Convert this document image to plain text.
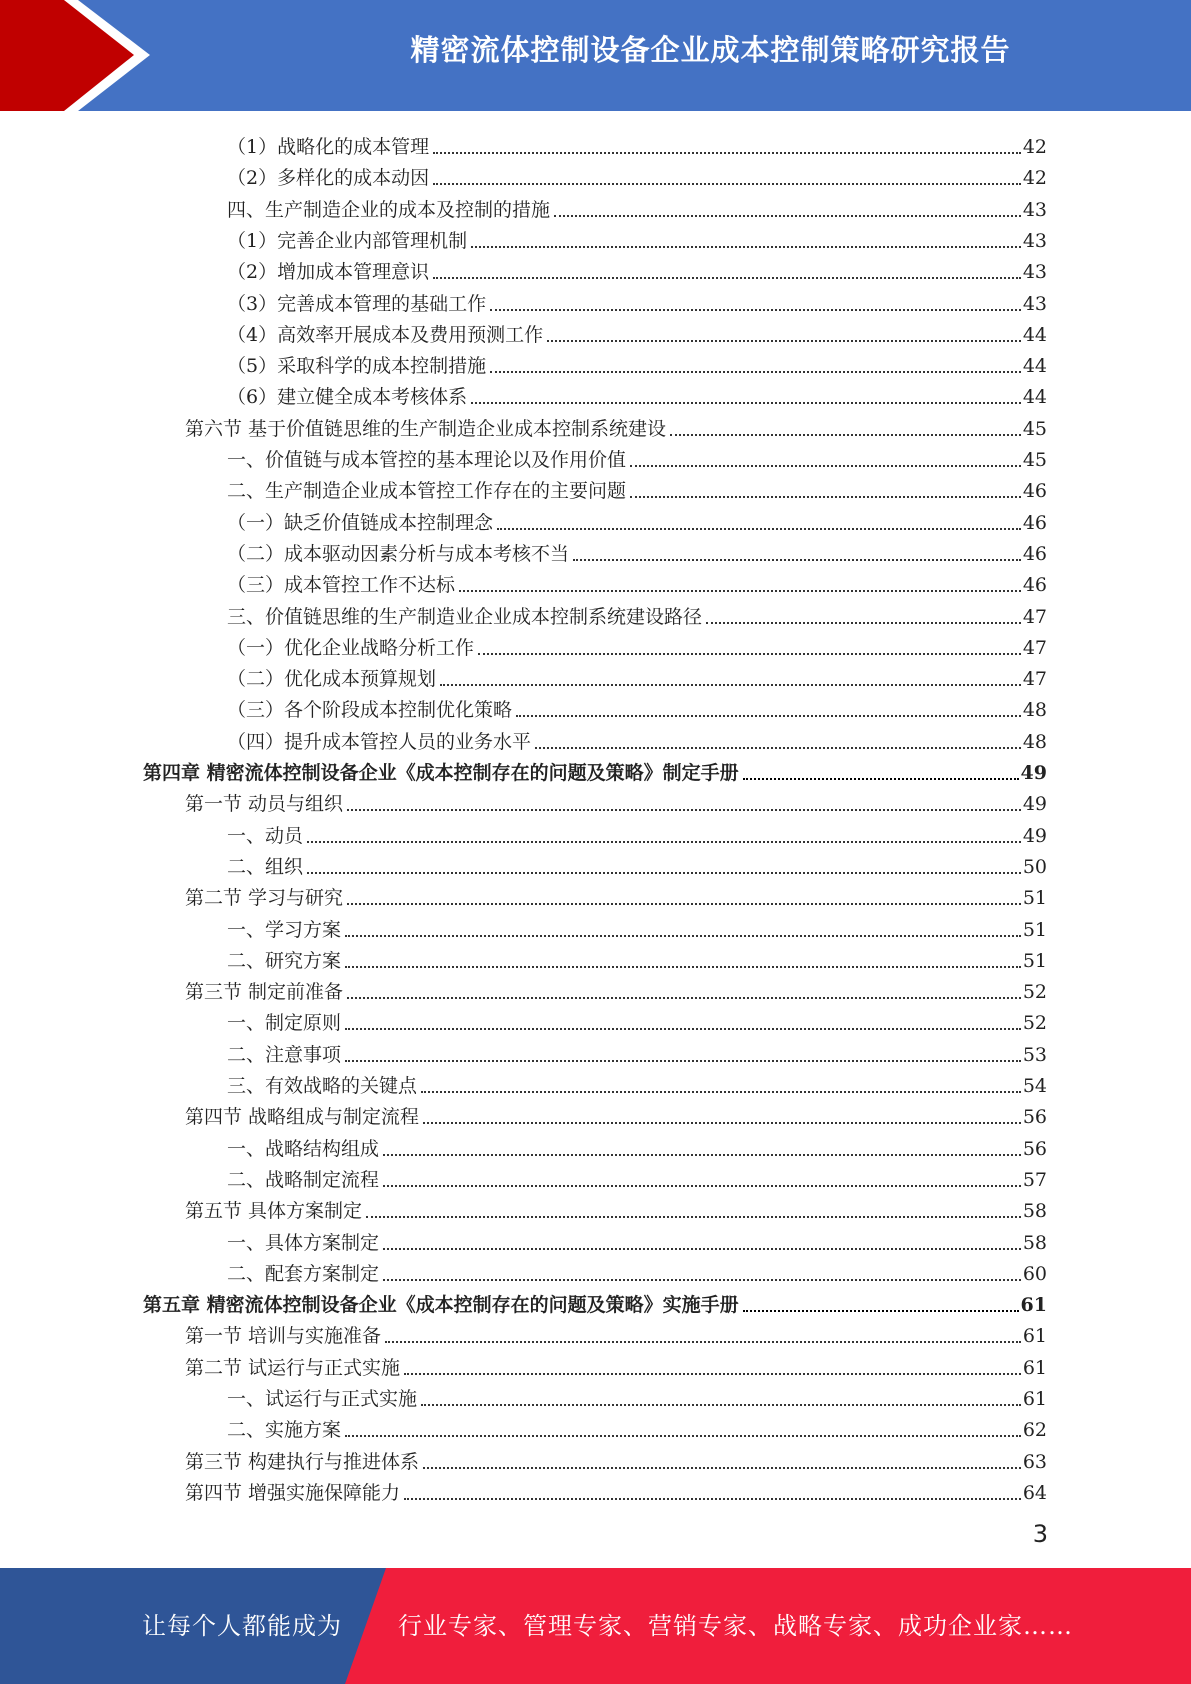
精密流体控制设备企业成本控制策略研究报告
（1）战略化的成本管理	42
（2）多样化的成本动因	42
四、生产制造企业的成本及控制的措施	43
（1）完善企业内部管理机制	43
（2）增加成本管理意识	43
（3）完善成本管理的基础工作	43
（4）高效率开展成本及费用预测工作	44
（5）采取科学的成本控制措施	44
（6）建立健全成本考核体系	44
第六节 基于价值链思维的生产制造企业成本控制系统建设	45
一、价值链与成本管控的基本理论以及作用价值	45
二、生产制造企业成本管控工作存在的主要问题	46
（一）缺乏价值链成本控制理念	46
（二）成本驱动因素分析与成本考核不当	46
（三）成本管控工作不达标	46
三、价值链思维的生产制造业企业成本控制系统建设路径	47
（一）优化企业战略分析工作	47
（二）优化成本预算规划	47
（三）各个阶段成本控制优化策略	48
（四）提升成本管控人员的业务水平	48
第四章 精密流体控制设备企业《成本控制存在的问题及策略》制定手册	49
第一节 动员与组织	49
一、动员	49
二、组织	50
第二节 学习与研究	51
一、学习方案	51
二、研究方案	51
第三节 制定前准备	52
一、制定原则	52
二、注意事项	53
三、有效战略的关键点	54
第四节 战略组成与制定流程	56
一、战略结构组成	56
二、战略制定流程	57
第五节 具体方案制定	58
一、具体方案制定	58
二、配套方案制定	60
第五章 精密流体控制设备企业《成本控制存在的问题及策略》实施手册	61
第一节 培训与实施准备	61
第二节 试运行与正式实施	61
一、试运行与正式实施	61
二、实施方案	62
第三节 构建执行与推进体系	63
第四节 增强实施保障能力	64
3
让每个人都能成为 行业专家、管理专家、营销专家、战略专家、成功企业家……
